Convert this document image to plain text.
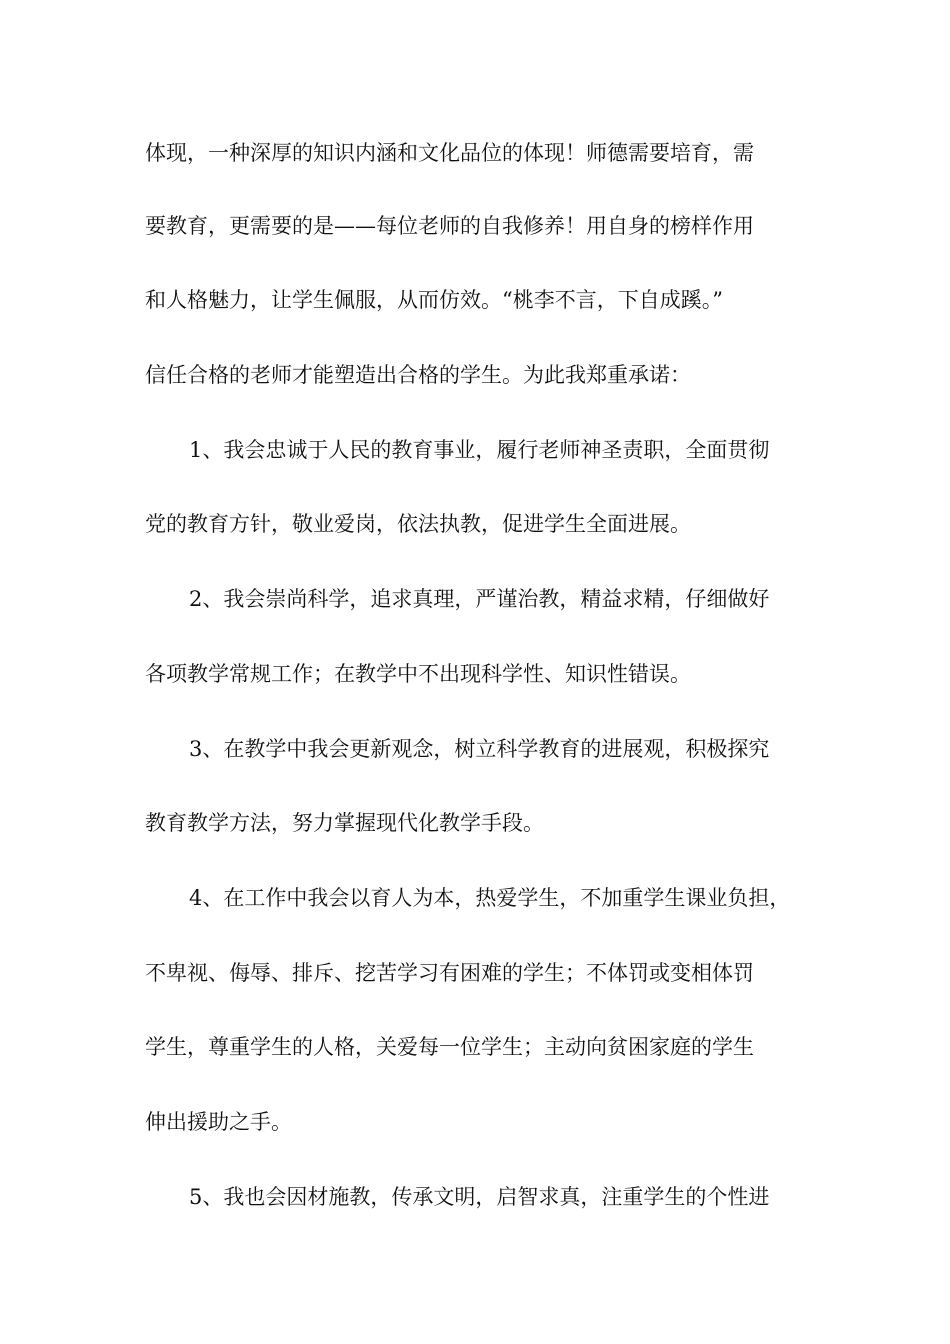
体现，一种深厚的知识内涵和文化品位的体现！师德需要培育，需
要教育，更需要的是——每位老师的自我修养！用自身的榜样作用
和人格魅力，让学生佩服，从而仿效。“桃李不言，下自成蹊。”
信任合格的老师才能塑造出合格的学生。为此我郑重承诺：
1、我会忠诚于人民的教育事业，履行老师神圣责职，全面贯彻
党的教育方针，敬业爱岗，依法执教，促进学生全面进展。
2、我会崇尚科学，追求真理，严谨治教，精益求精，仔细做好
各项教学常规工作；在教学中不出现科学性、知识性错误。
3、在教学中我会更新观念，树立科学教育的进展观，积极探究
教育教学方法，努力掌握现代化教学手段。
4、在工作中我会以育人为本，热爱学生，不加重学生课业负担，
不卑视、侮辱、排斥、挖苦学习有困难的学生；不体罚或变相体罚
学生，尊重学生的人格，关爱每一位学生；主动向贫困家庭的学生
伸出援助之手。
5、我也会因材施教，传承文明，启智求真，注重学生的个性进
